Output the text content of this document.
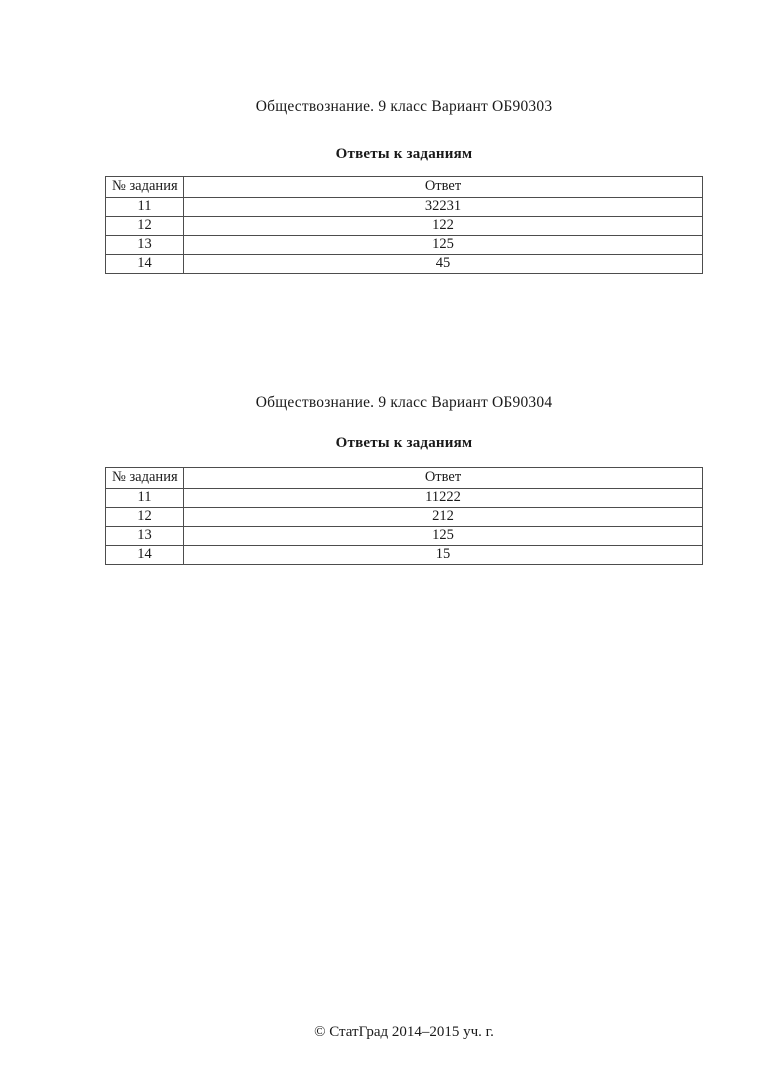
Обществознание. 9 класс Вариант ОБ90303
Ответы к заданиям
№ задания	Ответ
11	32231
12	122
13	125
14	45
Обществознание. 9 класс Вариант ОБ90304
Ответы к заданиям
№ задания	Ответ
11	11222
12	212
13	125
14	15
© СтатГрад 2014–2015 уч. г.
